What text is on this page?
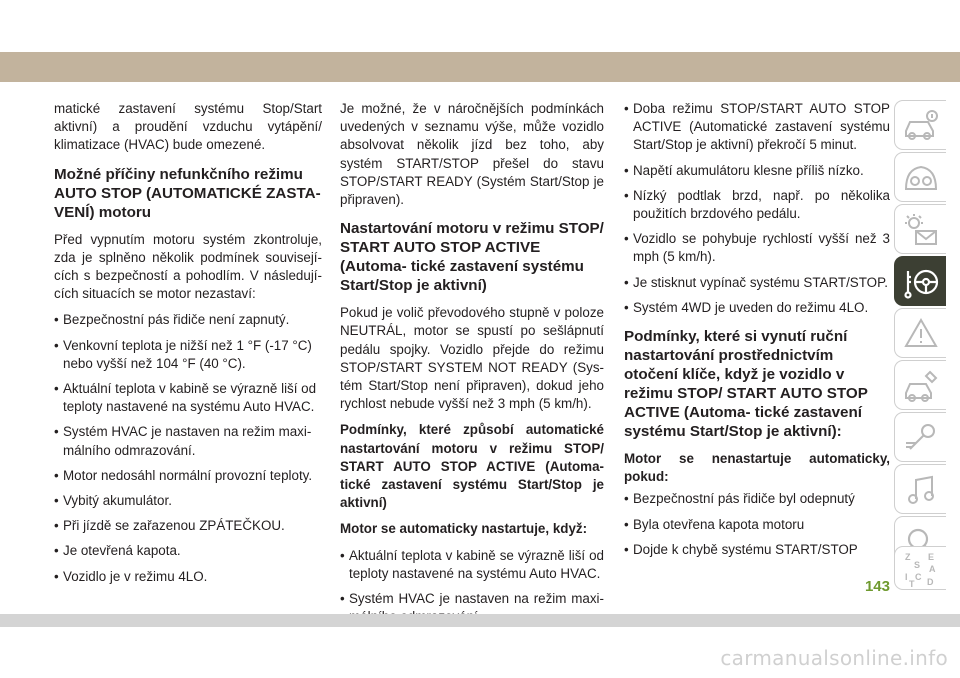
matické zastavení systému Stop/Start aktivní) a proudění vzduchu vytápění/ klimatizace (HVAC) bude omezené.

Možné příčiny nefunkčního režimu AUTO STOP (AUTOMATICKÉ ZASTA- VENÍ) motoru

Před vypnutím motoru systém zkontroluje, zda je splněno několik podmínek souvisejí- cích s bezpečností a pohodlím. V následují- cích situacích se motor nezastaví:

• Bezpečnostní pás řidiče není zapnutý.
• Venkovní teplota je nižší než 1 °F (-17 °C) nebo vyšší než 104 °F (40 °C).
• Aktuální teplota v kabině se výrazně liší od teploty nastavené na systému Auto HVAC.
• Systém HVAC je nastaven na režim maxi- málního odmrazování.
• Motor nedosáhl normální provozní teploty.
• Vybitý akumulátor.
• Při jízdě se zařazenou ZPÁTEČKOU.
• Je otevřená kapota.
• Vozidlo je v režimu 4LO.

Je možné, že v náročnějších podmínkách uvedených v seznamu výše, může vozidlo absolvovat několik jízd bez toho, aby systém START/STOP přešel do stavu STOP/START READY (Systém Start/Stop je připraven).

Nastartování motoru v režimu STOP/ START AUTO STOP ACTIVE (Automa- tické zastavení systému Start/Stop je aktivní)

Pokud je volič převodového stupně v poloze NEUTRÁL, motor se spustí po sešlápnutí pedálu spojky. Vozidlo přejde do režimu STOP/START SYSTEM NOT READY (Sys- tém Start/Stop není připraven), dokud jeho rychlost nebude vyšší než 3 mph (5 km/h).

Podmínky, které způsobí automatické nastartování motoru v režimu STOP/ START AUTO STOP ACTIVE (Automa- tické zastavení systému Start/Stop je aktivní)
Motor se automaticky nastartuje, když:
• Aktuální teplota v kabině se výrazně liší od teploty nastavené na systému Auto HVAC.
• Systém HVAC je nastaven na režim maxi-
• Doba režimu STOP/START AUTO STOP ACTIVE (Automatické zastavení systému Start/Stop je aktivní) překročí 5 minut.
• Napětí akumulátoru klesne příliš nízko.
• Nízký podtlak brzd, např. po několika použitích brzdového pedálu.
• Vozidlo se pohybuje rychlostí vyšší než 3 mph (5 km/h).
• Je stisknut vypínač systému START/STOP.
• Systém 4WD je uveden do režimu 4LO.
Podmínky, které si vynutí ruční nastartování prostřednictvím otočení klíče, když je vozidlo v režimu STOP/ START AUTO STOP ACTIVE (Automa- tické zastavení systému Start/Stop je aktivní):
Motor se nenastartuje automaticky, pokud:
• Bezpečnostní pás řidiče byl odepnutý
• Byla otevřena kapota motoru
• Dojde k chybě systému START/STOP
Z E
S A
I C
T D
143
carmanualsonline.info
